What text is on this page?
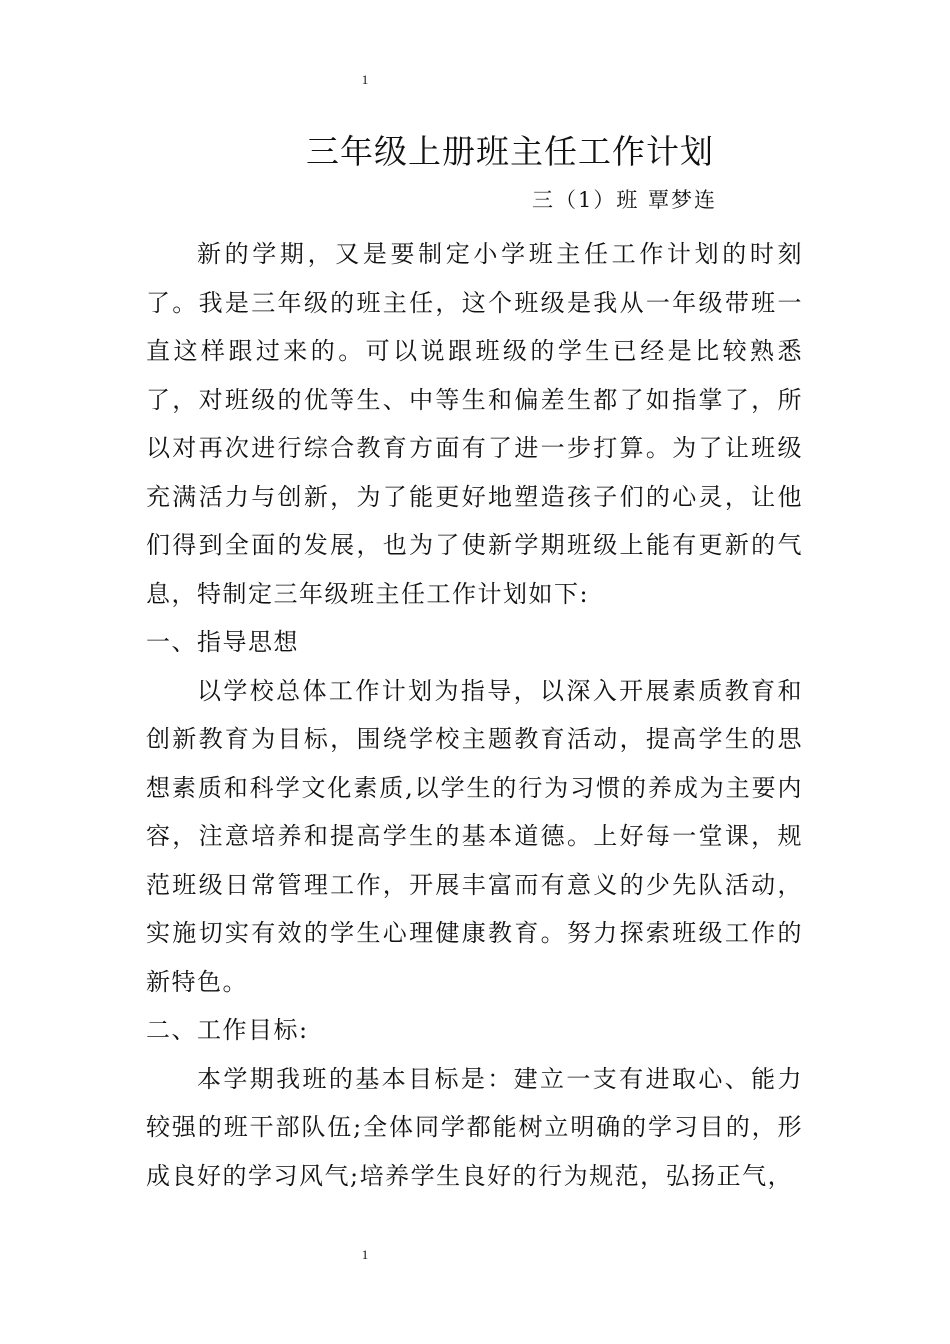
1
三年级上册班主任工作计划
三（1）班 覃梦连

新的学期，又是要制定小学班主任工作计划的时刻了。我是三年级的班主任，这个班级是我从一年级带班一直这样跟过来的。可以说跟班级的学生已经是比较熟悉了，对班级的优等生、中等生和偏差生都了如指掌了，所以对再次进行综合教育方面有了进一步打算。为了让班级充满活力与创新，为了能更好地塑造孩子们的心灵，让他们得到全面的发展，也为了使新学期班级上能有更新的气息，特制定三年级班主任工作计划如下:

一、指导思想

以学校总体工作计划为指导，以深入开展素质教育和创新教育为目标，围绕学校主题教育活动，提高学生的思想素质和科学文化素质,以学生的行为习惯的养成为主要内容，注意培养和提高学生的基本道德。上好每一堂课，规范班级日常管理工作，开展丰富而有意义的少先队活动，实施切实有效的学生心理健康教育。努力探索班级工作的新特色。

二、工作目标:

本学期我班的基本目标是：建立一支有进取心、能力较强的班干部队伍;全体同学都能树立明确的学习目的，形成良好的学习风气;培养学生良好的行为规范，弘扬正气，

1
